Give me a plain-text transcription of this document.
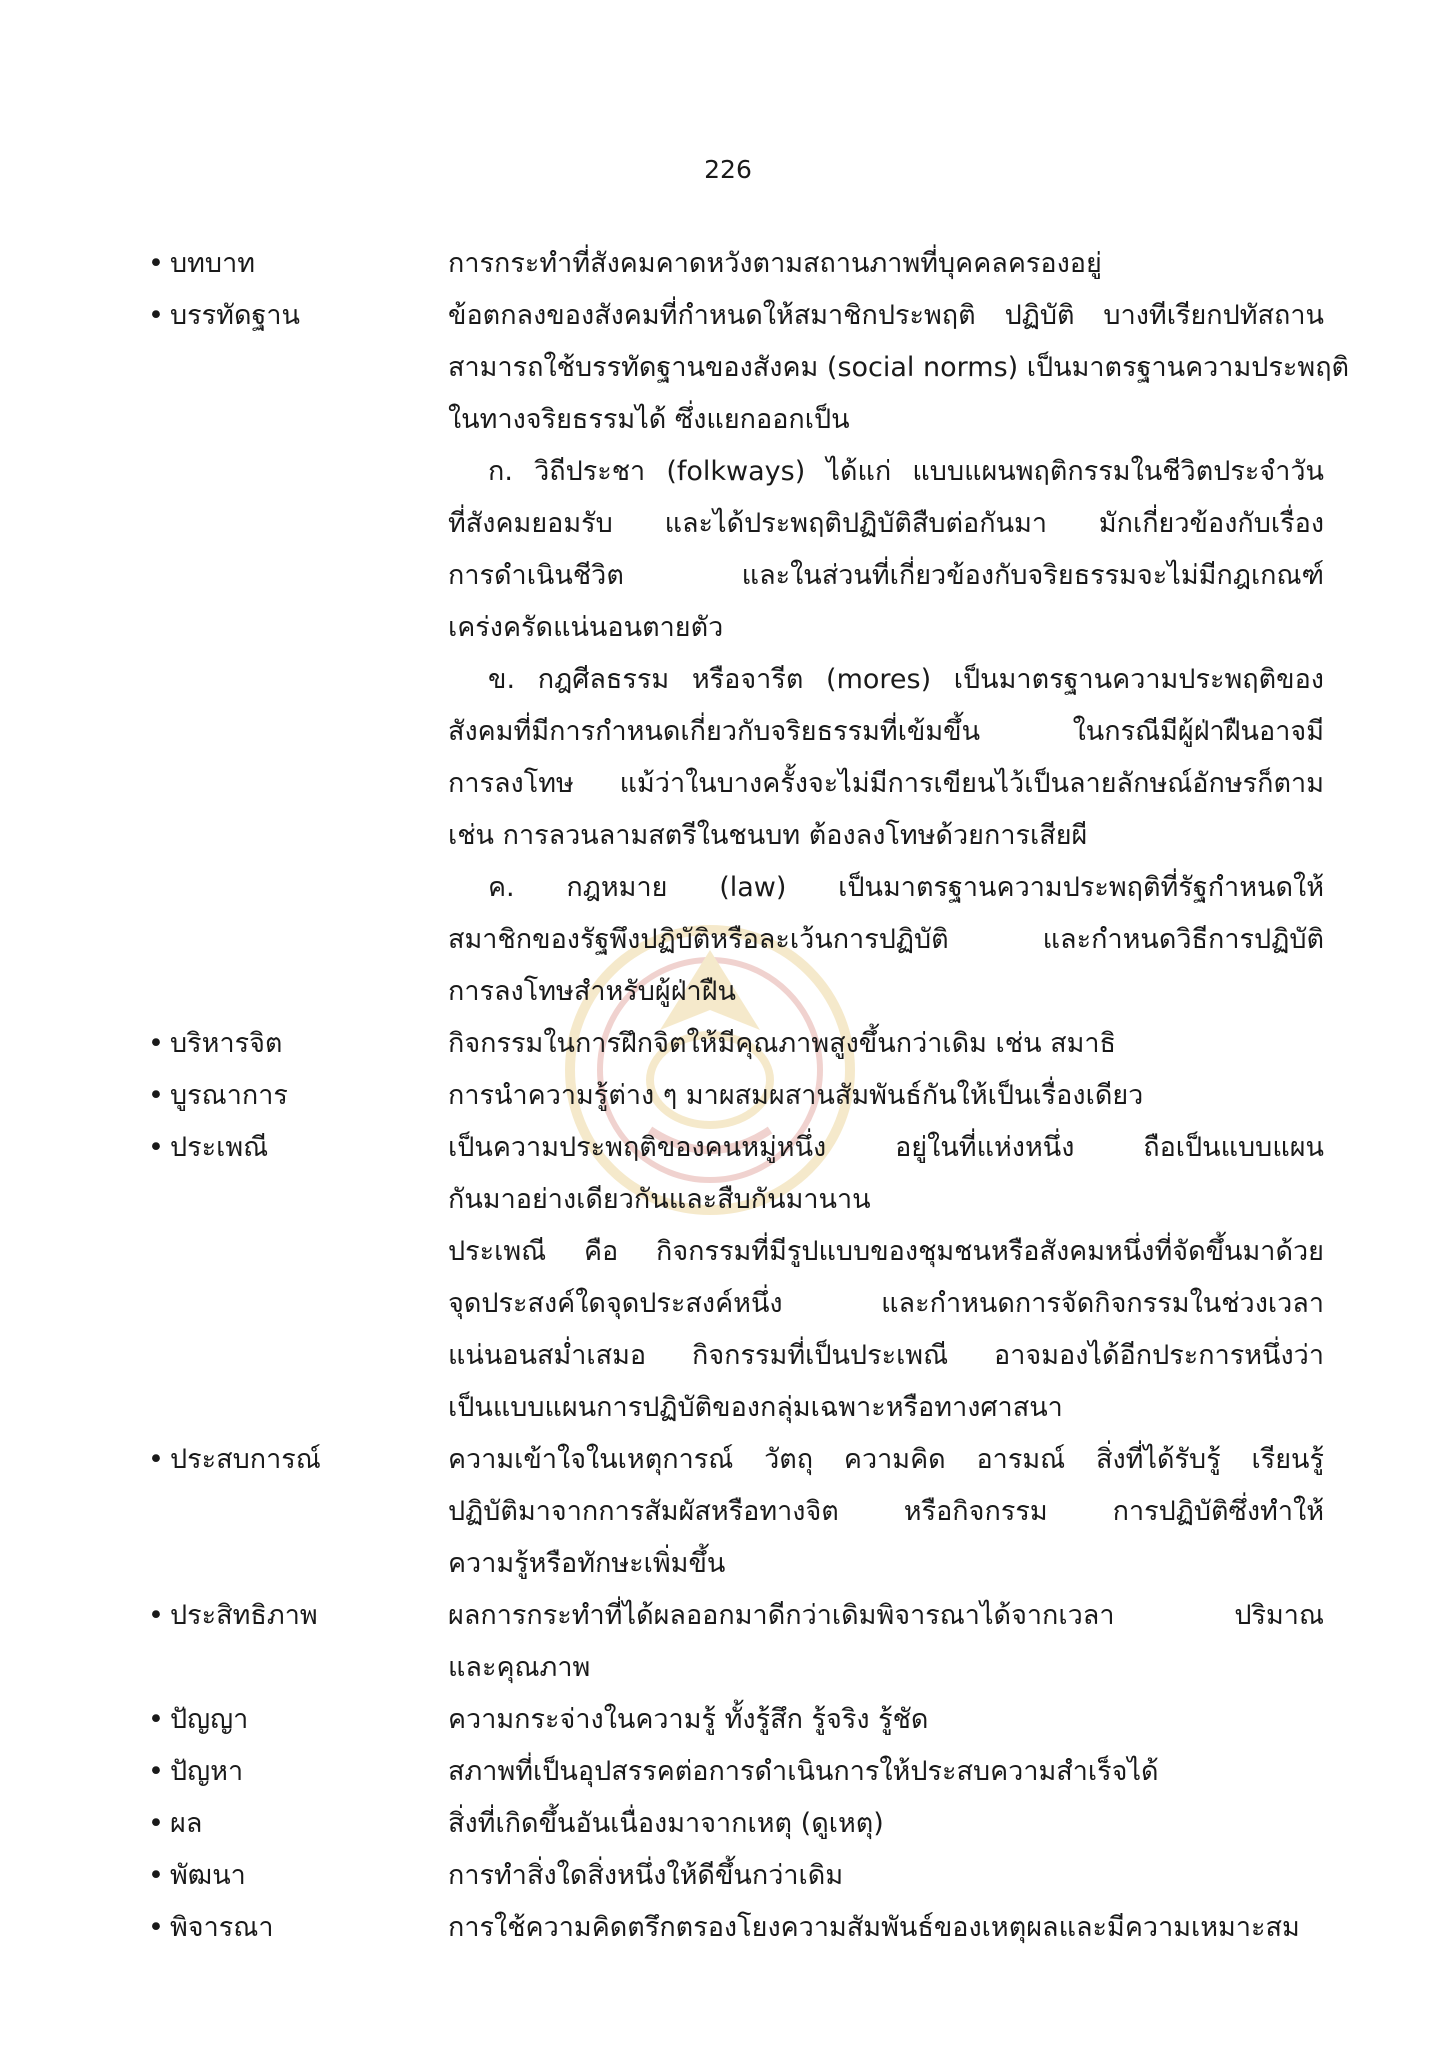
226
• บทบาท	การกระทำที่สังคมคาดหวังตามสถานภาพที่บุคคลครองอยู่
• บรรทัดฐาน	ข้อตกลงของสังคมที่กำหนดให้สมาชิกประพฤติ ปฏิบัติ บางทีเรียกปทัสถาน
สามารถใช้บรรทัดฐานของสังคม (social norms) เป็นมาตรฐานความประพฤติ
ในทางจริยธรรมได้ ซึ่งแยกออกเป็น
ก. วิถีประชา (folkways) ได้แก่ แบบแผนพฤติกรรมในชีวิตประจำวัน
ที่สังคมยอมรับ และได้ประพฤติปฏิบัติสืบต่อกันมา มักเกี่ยวข้องกับเรื่อง
การดำเนินชีวิต และในส่วนที่เกี่ยวข้องกับจริยธรรมจะไม่มีกฎเกณฑ์
เคร่งครัดแน่นอนตายตัว
ข. กฎศีลธรรม หรือจารีต (mores) เป็นมาตรฐานความประพฤติของ
สังคมที่มีการกำหนดเกี่ยวกับจริยธรรมที่เข้มขึ้น ในกรณีมีผู้ฝ่าฝืนอาจมี
การลงโทษ แม้ว่าในบางครั้งจะไม่มีการเขียนไว้เป็นลายลักษณ์อักษรก็ตาม
เช่น การลวนลามสตรีในชนบท ต้องลงโทษด้วยการเสียผี
ค. กฎหมาย (law) เป็นมาตรฐานความประพฤติที่รัฐกำหนดให้
สมาชิกของรัฐพึงปฏิบัติหรือละเว้นการปฏิบัติ และกำหนดวิธีการปฏิบัติ
การลงโทษสำหรับผู้ฝ่าฝืน
• บริหารจิต	กิจกรรมในการฝึกจิตให้มีคุณภาพสูงขึ้นกว่าเดิม เช่น สมาธิ
• บูรณาการ	การนำความรู้ต่าง ๆ มาผสมผสานสัมพันธ์กันให้เป็นเรื่องเดียว
• ประเพณี	เป็นความประพฤติของคนหมู่หนึ่ง อยู่ในที่แห่งหนึ่ง ถือเป็นแบบแผน
กันมาอย่างเดียวกันและสืบกันมานาน
ประเพณี คือ กิจกรรมที่มีรูปแบบของชุมชนหรือสังคมหนึ่งที่จัดขึ้นมาด้วย
จุดประสงค์ใดจุดประสงค์หนึ่ง และกำหนดการจัดกิจกรรมในช่วงเวลา
แน่นอนสม่ำเสมอ กิจกรรมที่เป็นประเพณี อาจมองได้อีกประการหนึ่งว่า
เป็นแบบแผนการปฏิบัติของกลุ่มเฉพาะหรือทางศาสนา
• ประสบการณ์	ความเข้าใจในเหตุการณ์ วัตถุ ความคิด อารมณ์ สิ่งที่ได้รับรู้ เรียนรู้
ปฏิบัติมาจากการสัมผัสหรือทางจิต หรือกิจกรรม การปฏิบัติซึ่งทำให้
ความรู้หรือทักษะเพิ่มขึ้น
• ประสิทธิภาพ	ผลการกระทำที่ได้ผลออกมาดีกว่าเดิมพิจารณาได้จากเวลา ปริมาณ
และคุณภาพ
• ปัญญา	ความกระจ่างในความรู้ ทั้งรู้สึก รู้จริง รู้ชัด
• ปัญหา	สภาพที่เป็นอุปสรรคต่อการดำเนินการให้ประสบความสำเร็จได้
• ผล	สิ่งที่เกิดขึ้นอันเนื่องมาจากเหตุ (ดูเหตุ)
• พัฒนา	การทำสิ่งใดสิ่งหนึ่งให้ดีขึ้นกว่าเดิม
• พิจารณา	การใช้ความคิดตรึกตรองโยงความสัมพันธ์ของเหตุผลและมีความเหมาะสม
